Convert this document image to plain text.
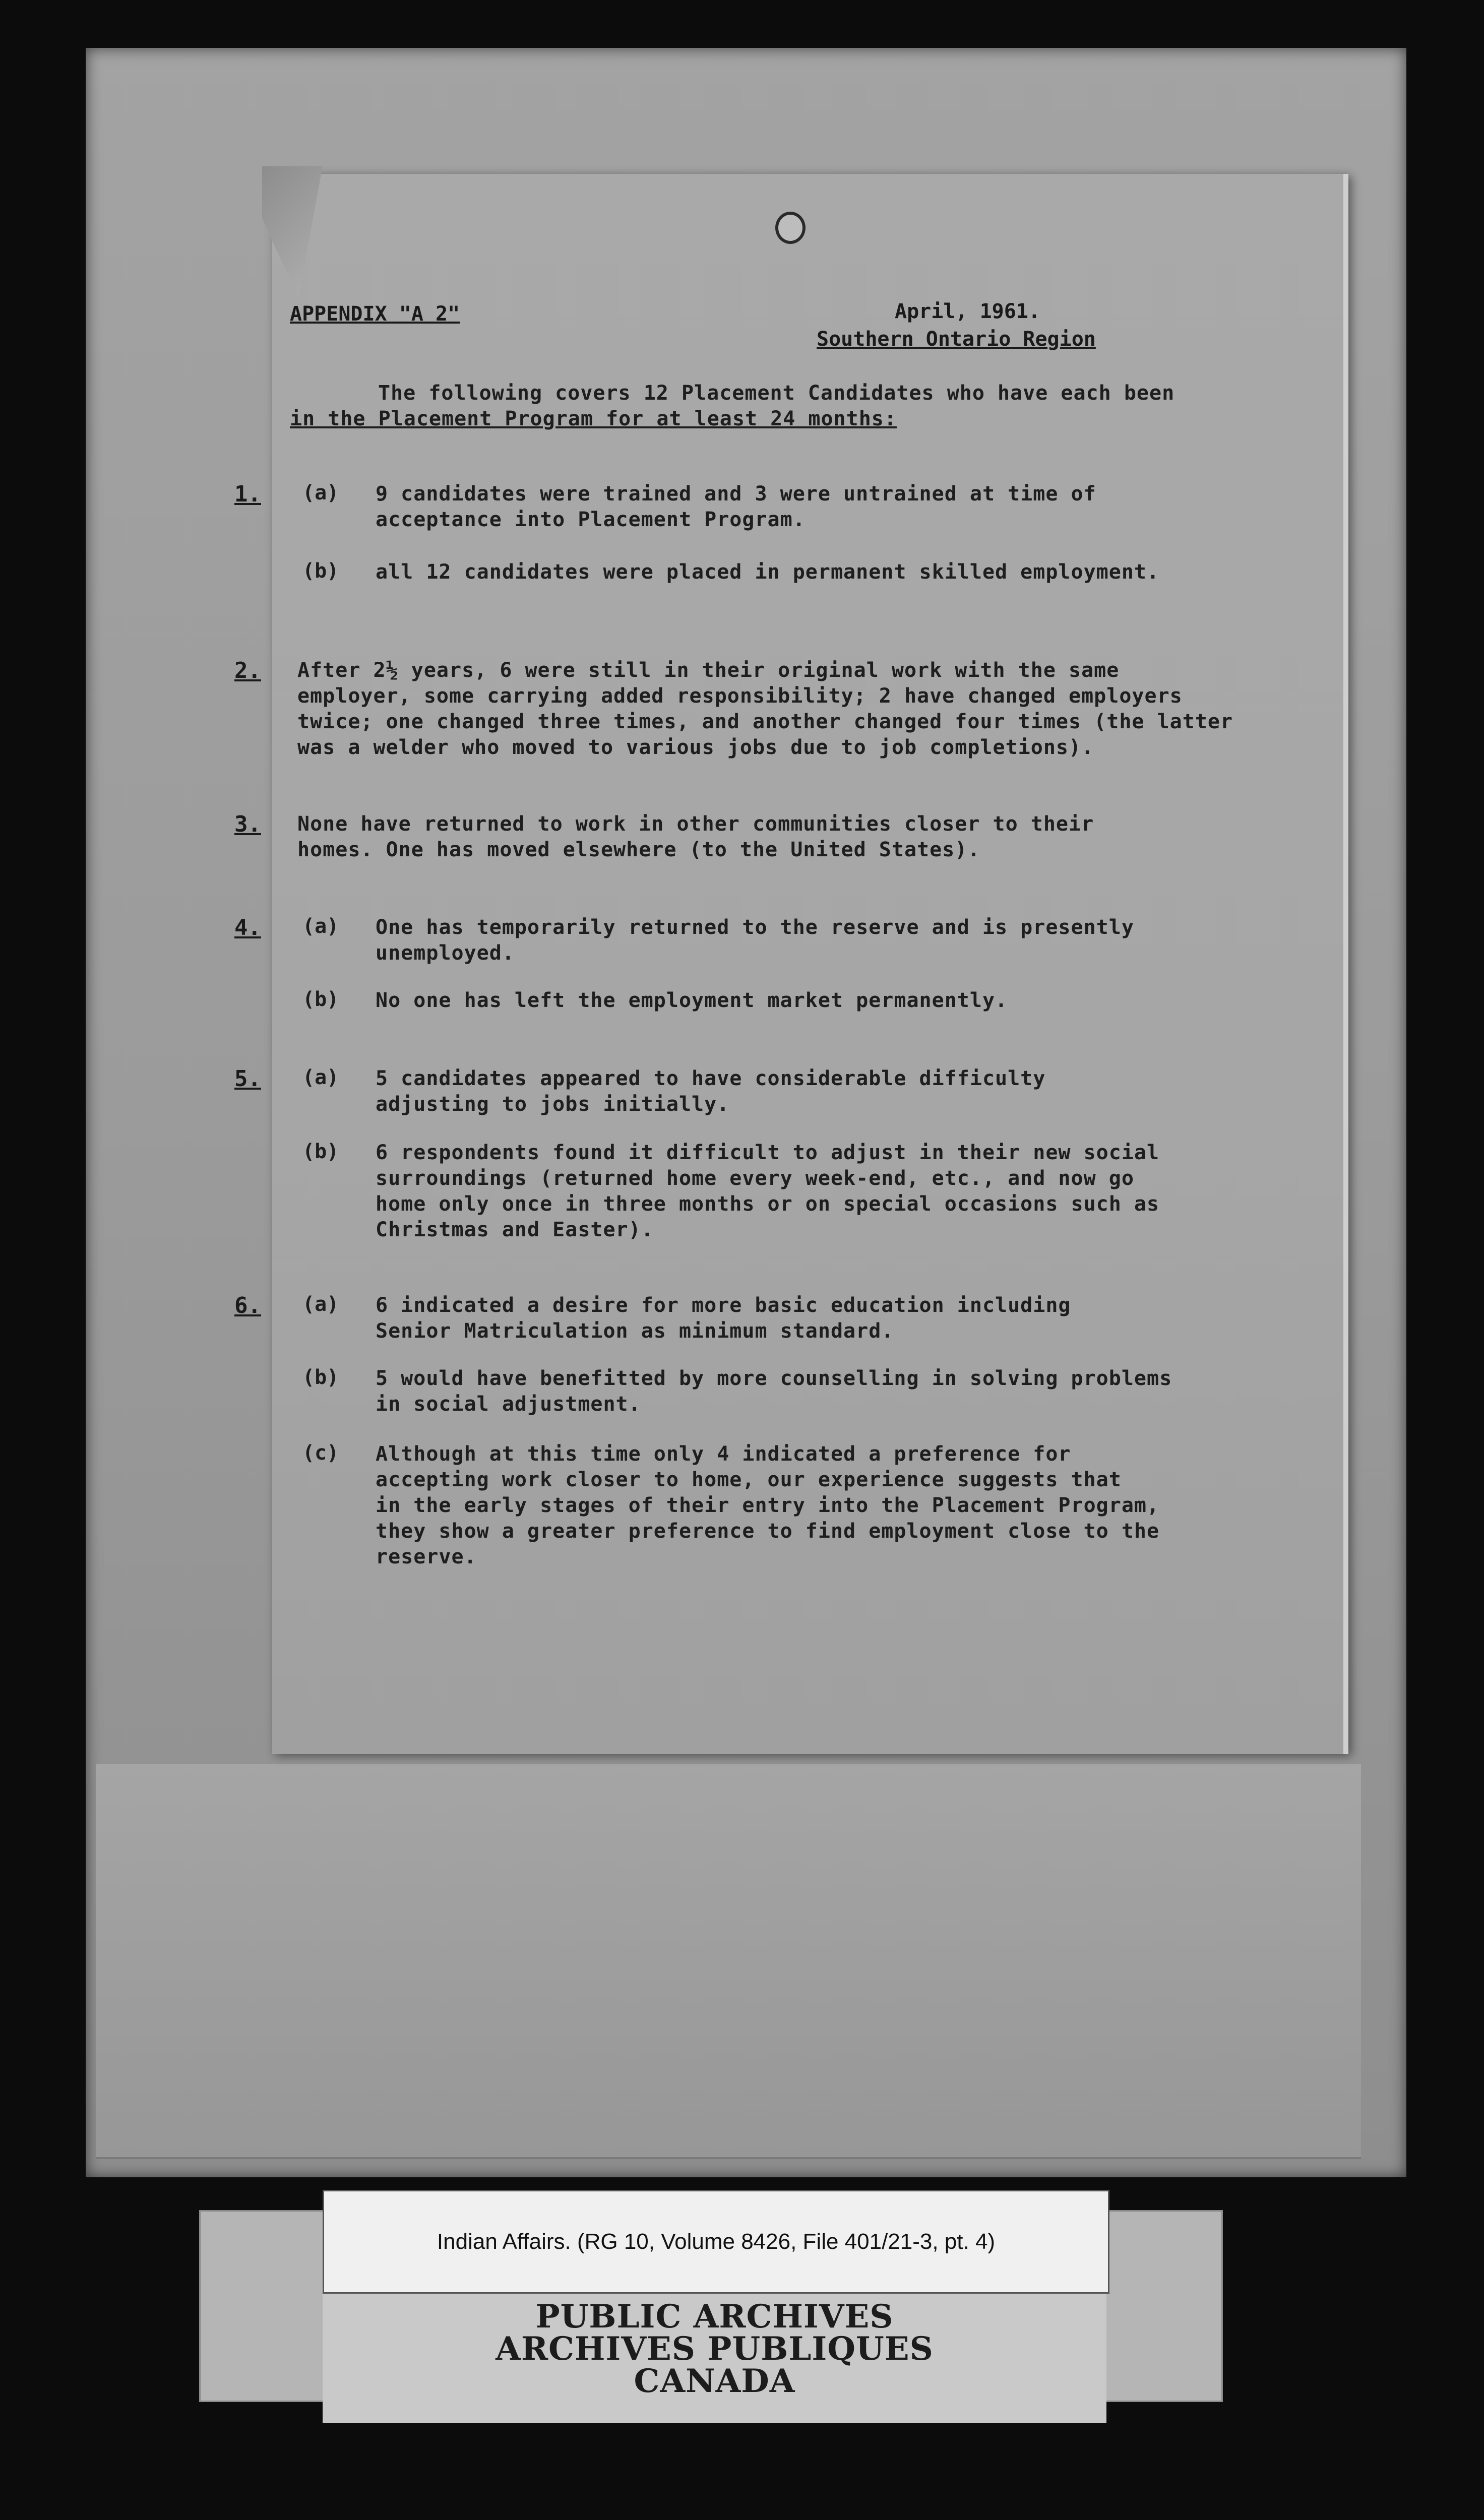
APPENDIX "A 2"	April, 1961.
Southern Ontario Region
The following covers 12 Placement Candidates who have each been
in the Placement Program for at least 24 months:
1. (a) 9 candidates were trained and 3 were untrained at time of
acceptance into Placement Program.
(b) all 12 candidates were placed in permanent skilled employment.
2. After 2½ years, 6 were still in their original work with the same
employer, some carrying added responsibility; 2 have changed employers
twice; one changed three times, and another changed four times (the latter
was a welder who moved to various jobs due to job completions).
3. None have returned to work in other communities closer to their
homes. One has moved elsewhere (to the United States).
4. (a) One has temporarily returned to the reserve and is presently
unemployed.
(b) No one has left the employment market permanently.
5. (a) 5 candidates appeared to have considerable difficulty
adjusting to jobs initially.
(b) 6 respondents found it difficult to adjust in their new social
surroundings (returned home every week-end, etc., and now go
home only once in three months or on special occasions such as
Christmas and Easter).
6. (a) 6 indicated a desire for more basic education including
Senior Matriculation as minimum standard.
(b) 5 would have benefitted by more counselling in solving problems
in social adjustment.
(c) Although at this time only 4 indicated a preference for
accepting work closer to home, our experience suggests that
in the early stages of their entry into the Placement Program,
they show a greater preference to find employment close to the
reserve.
Indian Affairs. (RG 10, Volume 8426, File 401/21-3, pt. 4)
PUBLIC ARCHIVES
ARCHIVES PUBLIQUES
CANADA
